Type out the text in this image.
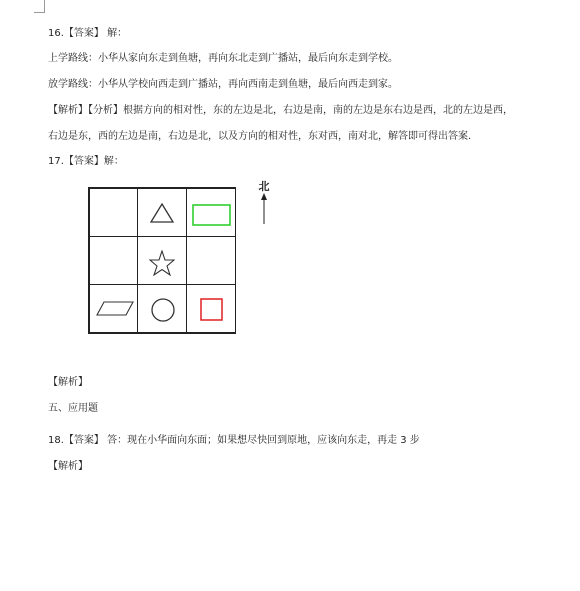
16.【答案】 解：
上学路线：小华从家向东走到鱼塘，再向东北走到广播站，最后向东走到学校。
放学路线：小华从学校向西走到广播站，再向西南走到鱼塘，最后向西走到家。
【解析】【分析】根据方向的相对性，东的左边是北，右边是南，南的左边是东右边是西，北的左边是西，
右边是东，西的左边是南，右边是北，以及方向的相对性，东对西，南对北，解答即可得出答案.
17.【答案】解：
北
【解析】
五、应用题
18.【答案】 答：现在小华面向东面；如果想尽快回到原地，应该向东走，再走 3 步
【解析】
